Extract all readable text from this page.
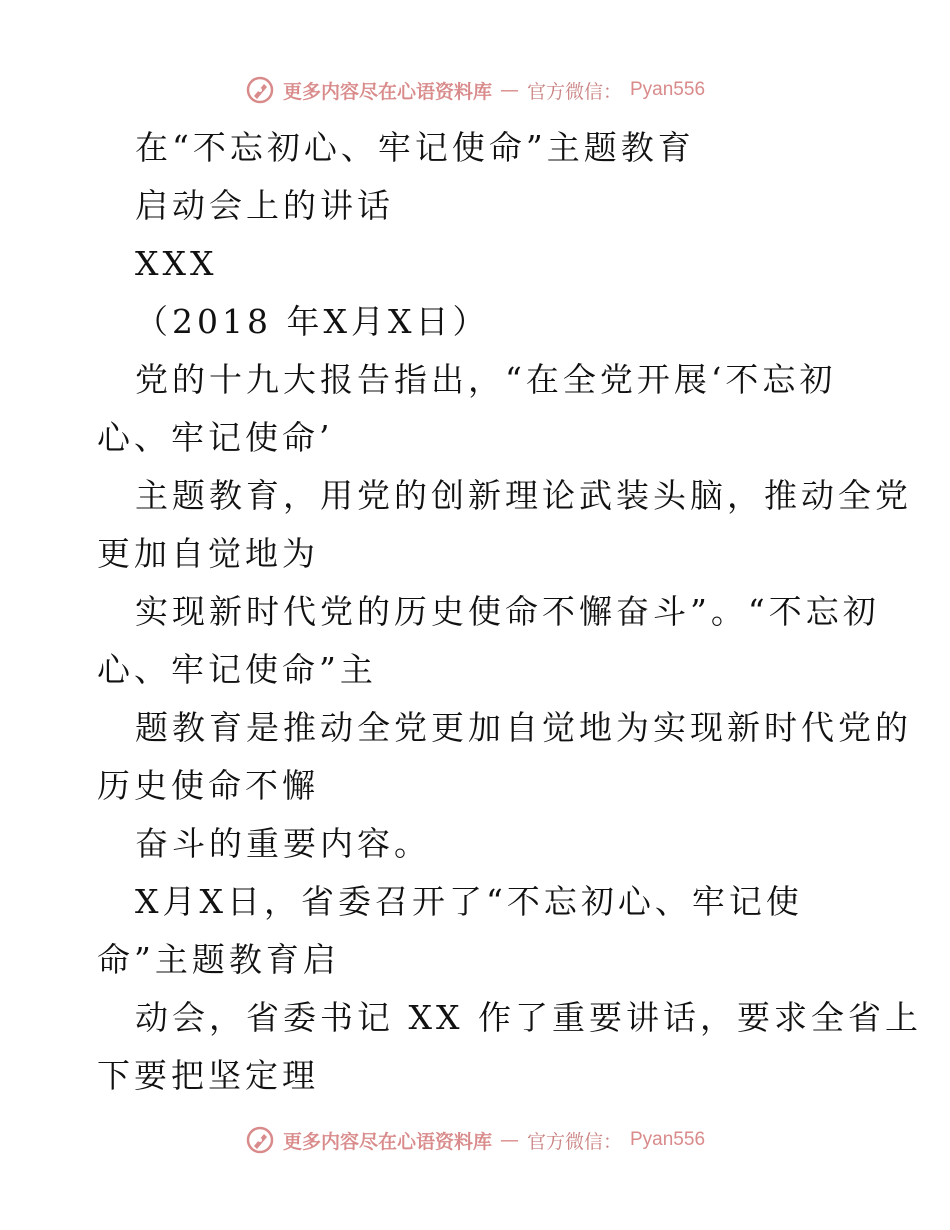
更多内容尽在心语资料库 — 官方微信： Pyan556
在“不忘初心、牢记使命”主题教育
启动会上的讲话
XXX
（2018 年X月X日）
党的十九大报告指出，“在全党开展‘不忘初
心、牢记使命’
主题教育，用党的创新理论武装头脑，推动全党
更加自觉地为
实现新时代党的历史使命不懈奋斗”。“不忘初
心、牢记使命”主
题教育是推动全党更加自觉地为实现新时代党的
历史使命不懈
奋斗的重要内容。
X月X日，省委召开了“不忘初心、牢记使
命”主题教育启
动会，省委书记 XX 作了重要讲话，要求全省上
下要把坚定理
更多内容尽在心语资料库 — 官方微信： Pyan556
